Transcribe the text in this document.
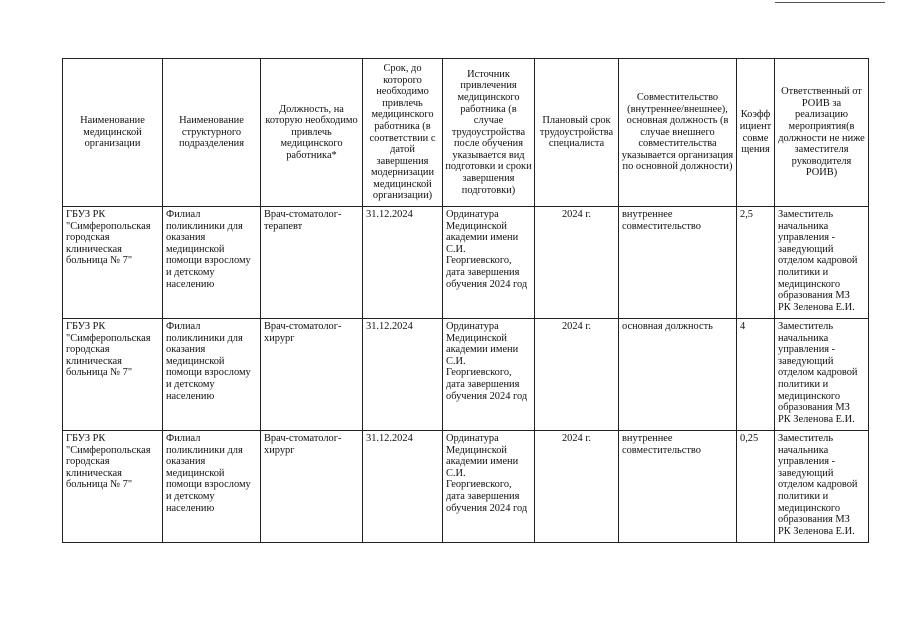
Наименование медицинской организации	Наименование структурного подразделения	Должность, на которую необходимо привлечь медицинского работника*	Срок, до которого необходимо привлечь медицинского работника (в соответствии с датой завершения модернизации медицинской организации)	Источник привлечения медицинского работника (в случае трудоустройства после обучения указывается вид подготовки и сроки завершения подготовки)	Плановый срок трудоустройства специалиста	Совместительство (внутреннее/внешнее), основная должность (в случае внешнего совместительства указывается организация по основной должности)	Коэффициент совмещения	Ответственный от РОИВ за реализацию мероприятия(в должности не ниже заместителя руководителя РОИВ)
ГБУЗ РК "Симферопольская городская клиническая больница № 7"	Филиал поликлиники для оказания медицинской помощи взрослому и детскому населению	Врач-стоматолог-терапевт	31.12.2024	Ординатура Медицинской академии имени С.И. Георгиевского, дата завершения обучения 2024 год	2024 г.	внутреннее совместительство	2,5	Заместитель начальника управления - заведующий отделом кадровой политики и медицинского образования МЗ РК Зеленова Е.И.
ГБУЗ РК "Симферопольская городская клиническая больница № 7"	Филиал поликлиники для оказания медицинской помощи взрослому и детскому населению	Врач-стоматолог-хирург	31.12.2024	Ординатура Медицинской академии имени С.И. Георгиевского, дата завершения обучения 2024 год	2024 г.	основная должность	4	Заместитель начальника управления - заведующий отделом кадровой политики и медицинского образования МЗ РК Зеленова Е.И.
ГБУЗ РК "Симферопольская городская клиническая больница № 7"	Филиал поликлиники для оказания медицинской помощи взрослому и детскому населению	Врач-стоматолог-хирург	31.12.2024	Ординатура Медицинской академии имени С.И. Георгиевского, дата завершения обучения 2024 год	2024 г.	внутреннее совместительство	0,25	Заместитель начальника управления - заведующий отделом кадровой политики и медицинского образования МЗ РК Зеленова Е.И.
